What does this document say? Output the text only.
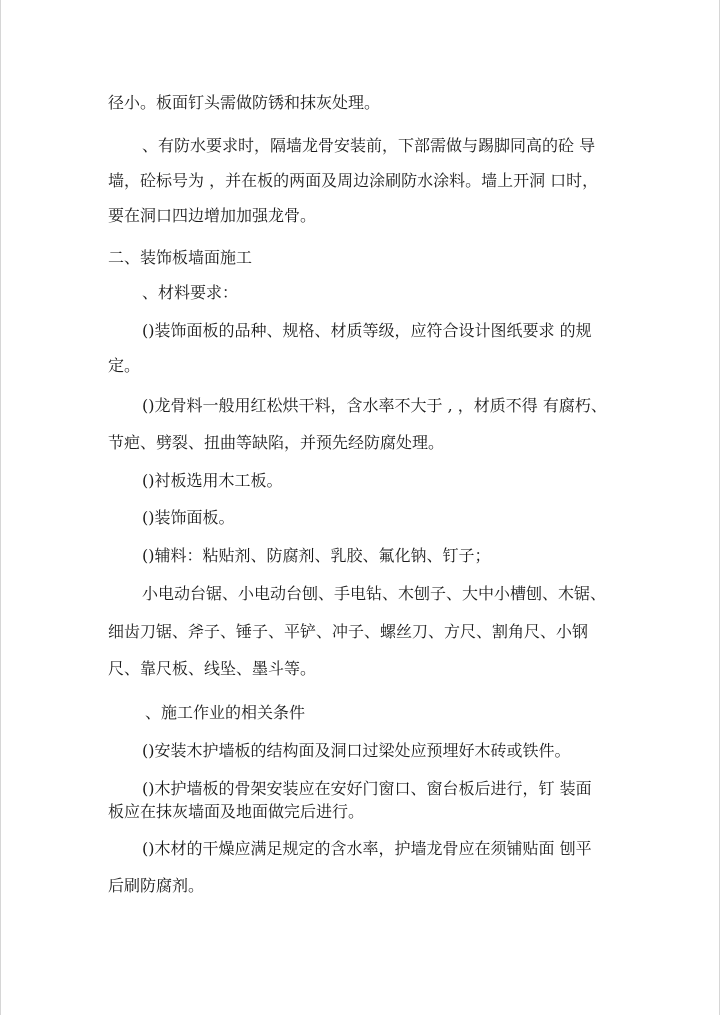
径小。板面钉头需做防锈和抹灰处理。
、有防水要求时，隔墙龙骨安装前，下部需做与踢脚同高的砼 导
墙，砼标号为 ，并在板的两面及周边涂刷防水涂料。墙上开洞 口时，
要在洞口四边增加加强龙骨。
二、装饰板墙面施工
、材料要求：
()装饰面板的品种、规格、材质等级，应符合设计图纸要求 的规
定。
()龙骨料一般用红松烘干料，含水率不大于 , ，材质不得 有腐朽、
节疤、劈裂、扭曲等缺陷，并预先经防腐处理。
()衬板选用木工板。
()装饰面板。
()辅料：粘贴剂、防腐剂、乳胶、氟化钠、钉子；
小电动台锯、小电动台刨、手电钻、木刨子、大中小槽刨、木锯、
细齿刀锯、斧子、锤子、平铲、冲子、螺丝刀、方尺、割角尺、小钢
尺、靠尺板、线坠、墨斗等。
、施工作业的相关条件
()安装木护墙板的结构面及洞口过梁处应预埋好木砖或铁件。
()木护墙板的骨架安装应在安好门窗口、窗台板后进行，钉 装面
板应在抹灰墙面及地面做完后进行。
()木材的干燥应满足规定的含水率，护墙龙骨应在须铺贴面 刨平
后刷防腐剂。
